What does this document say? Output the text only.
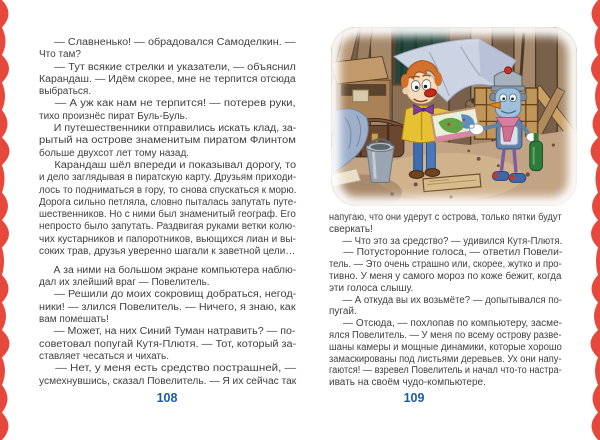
— Славненько! — обрадовался Самоделкин. —
Что там?
— Тут всякие стрелки и указатели, — объяснил
Карандаш. — Идём скорее, мне не терпится отсюда
выбраться.
— А уж как нам не терпится! — потерев руки,
тихо произнёс пират Буль-Буль.
И путешественники отправились искать клад, за-
рытый на острове знаменитым пиратом Флинтом
больше двухсот лет тому назад.
Карандаш шёл впереди и показывал дорогу, то
и дело заглядывая в пиратскую карту. Друзьям приходи-
лось то подниматься в гору, то снова спускаться к морю.
Дорога сильно петляла, словно пыталась запутать путе-
шественников. Но с ними был знаменитый географ. Его
непросто было запутать. Раздвигая руками ветки колю-
чих кустарников и папоротников, вьющихся лиан и вы-
соких трав, друзья уверенно шагали к заветной цели…
А за ними на большом экране компьютера наблю-
дал их злейший враг — Повелитель.
— Решили до моих сокровищ добраться, негод-
ники! — злился Повелитель. — Ничего, я знаю, как
вам помешать!
— Может, на них Синий Туман натравить? — по-
советовал попугай Кутя-Плютя. — Тот, который за-
ставляет чесаться и чихать.
— Нет, у меня есть средство пострашней, —
усмехнувшись, сказал Повелитель. — Я их сейчас так
108
напугаю, что они удерут с острова, только пятки будут
сверкать!
— Что это за средство? — удивился Кутя-Плютя.
— Потусторонние голоса, — ответил Повели-
тель. — Это очень страшно или, скорее, жутко и про-
тивно. У меня у самого мороз по коже бежит, когда
эти голоса слышу.
— А откуда вы их возьмёте? — допытывался по-
пугай.
— Отсюда, — похлопав по компьютеру, засме-
ялся Повелитель. — У меня по всему острову разве-
шаны камеры и мощные динамики, которые хорошо
замаскированы под листьями деревьев. Ух они напу-
гаются! — взревел Повелитель и начал что-то настра-
ивать на своём чудо-компьютере.
109
